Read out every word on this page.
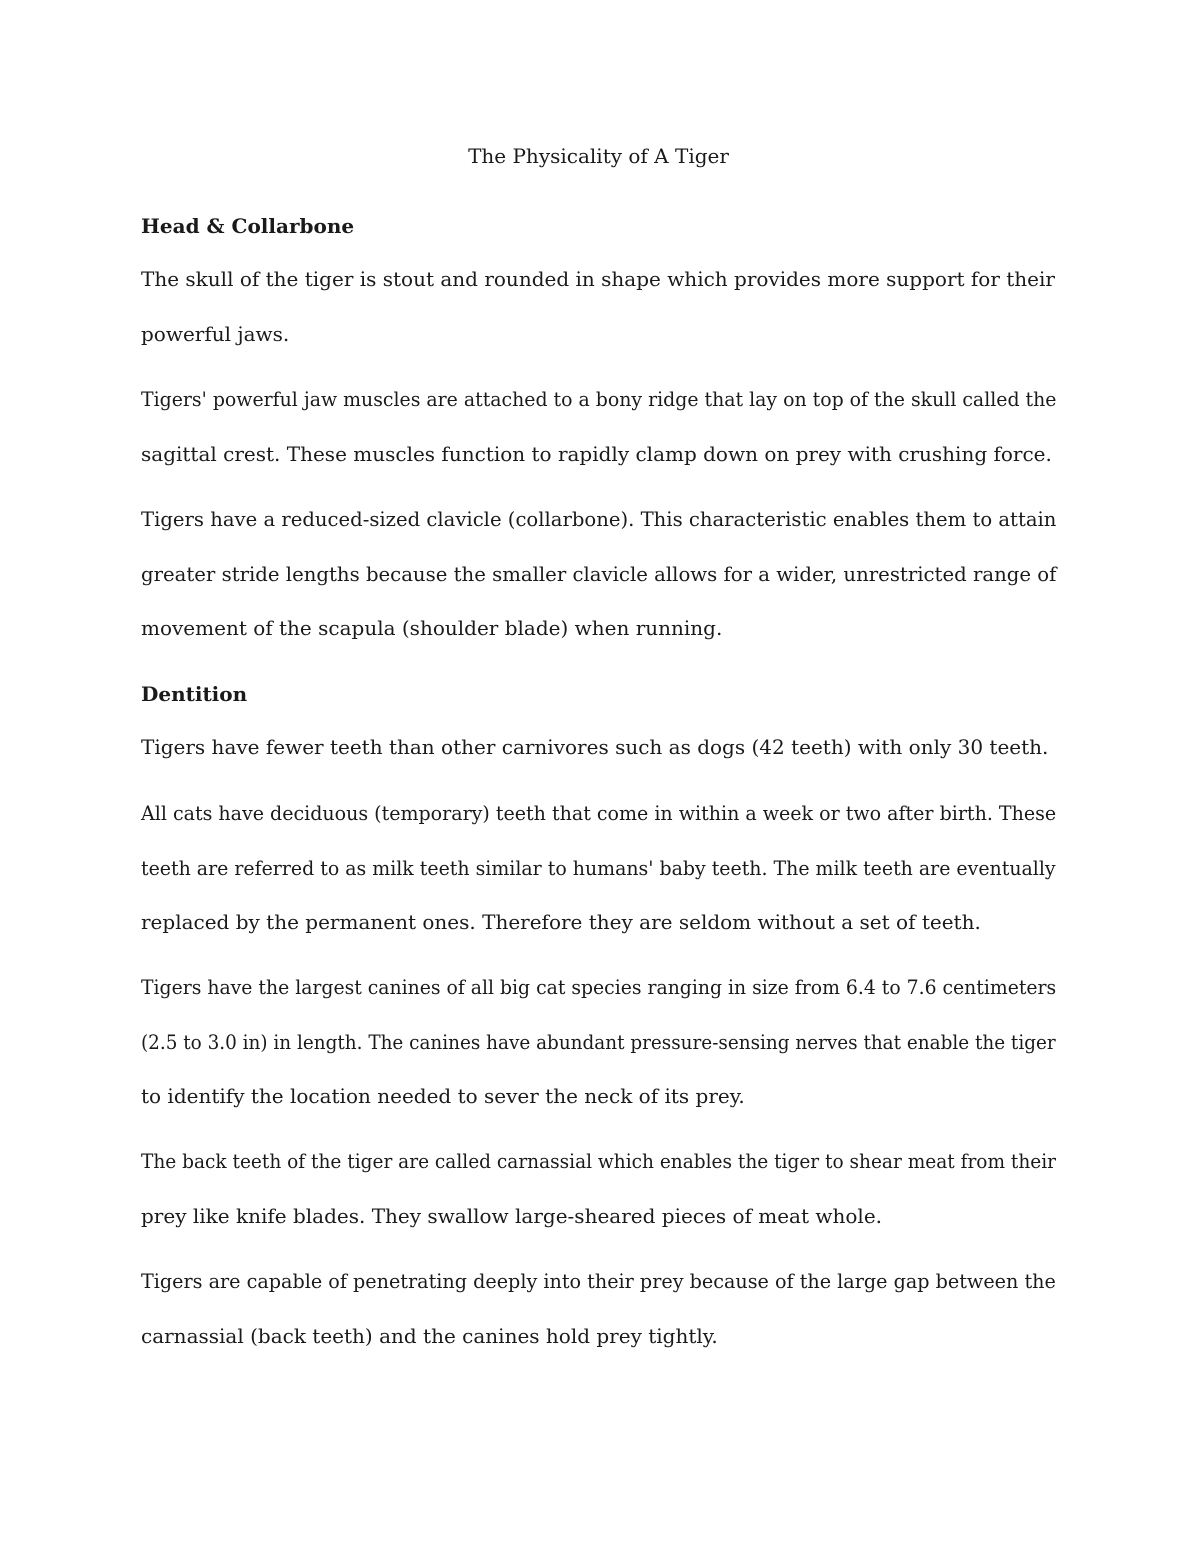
The Physicality of A Tiger
Head & Collarbone

The skull of the tiger is stout and rounded in shape which provides more support for their
powerful jaws.

Tigers' powerful jaw muscles are attached to a bony ridge that lay on top of the skull called the
sagittal crest. These muscles function to rapidly clamp down on prey with crushing force.

Tigers have a reduced-sized clavicle (collarbone). This characteristic enables them to attain
greater stride lengths because the smaller clavicle allows for a wider, unrestricted range of
movement of the scapula (shoulder blade) when running.

Dentition

Tigers have fewer teeth than other carnivores such as dogs (42 teeth) with only 30 teeth.

All cats have deciduous (temporary) teeth that come in within a week or two after birth. These
teeth are referred to as milk teeth similar to humans' baby teeth. The milk teeth are eventually
replaced by the permanent ones. Therefore they are seldom without a set of teeth.

Tigers have the largest canines of all big cat species ranging in size from 6.4 to 7.6 centimeters
(2.5 to 3.0 in) in length. The canines have abundant pressure-sensing nerves that enable the tiger
to identify the location needed to sever the neck of its prey.

The back teeth of the tiger are called carnassial which enables the tiger to shear meat from their
prey like knife blades. They swallow large-sheared pieces of meat whole.

Tigers are capable of penetrating deeply into their prey because of the large gap between the
carnassial (back teeth) and the canines hold prey tightly.
